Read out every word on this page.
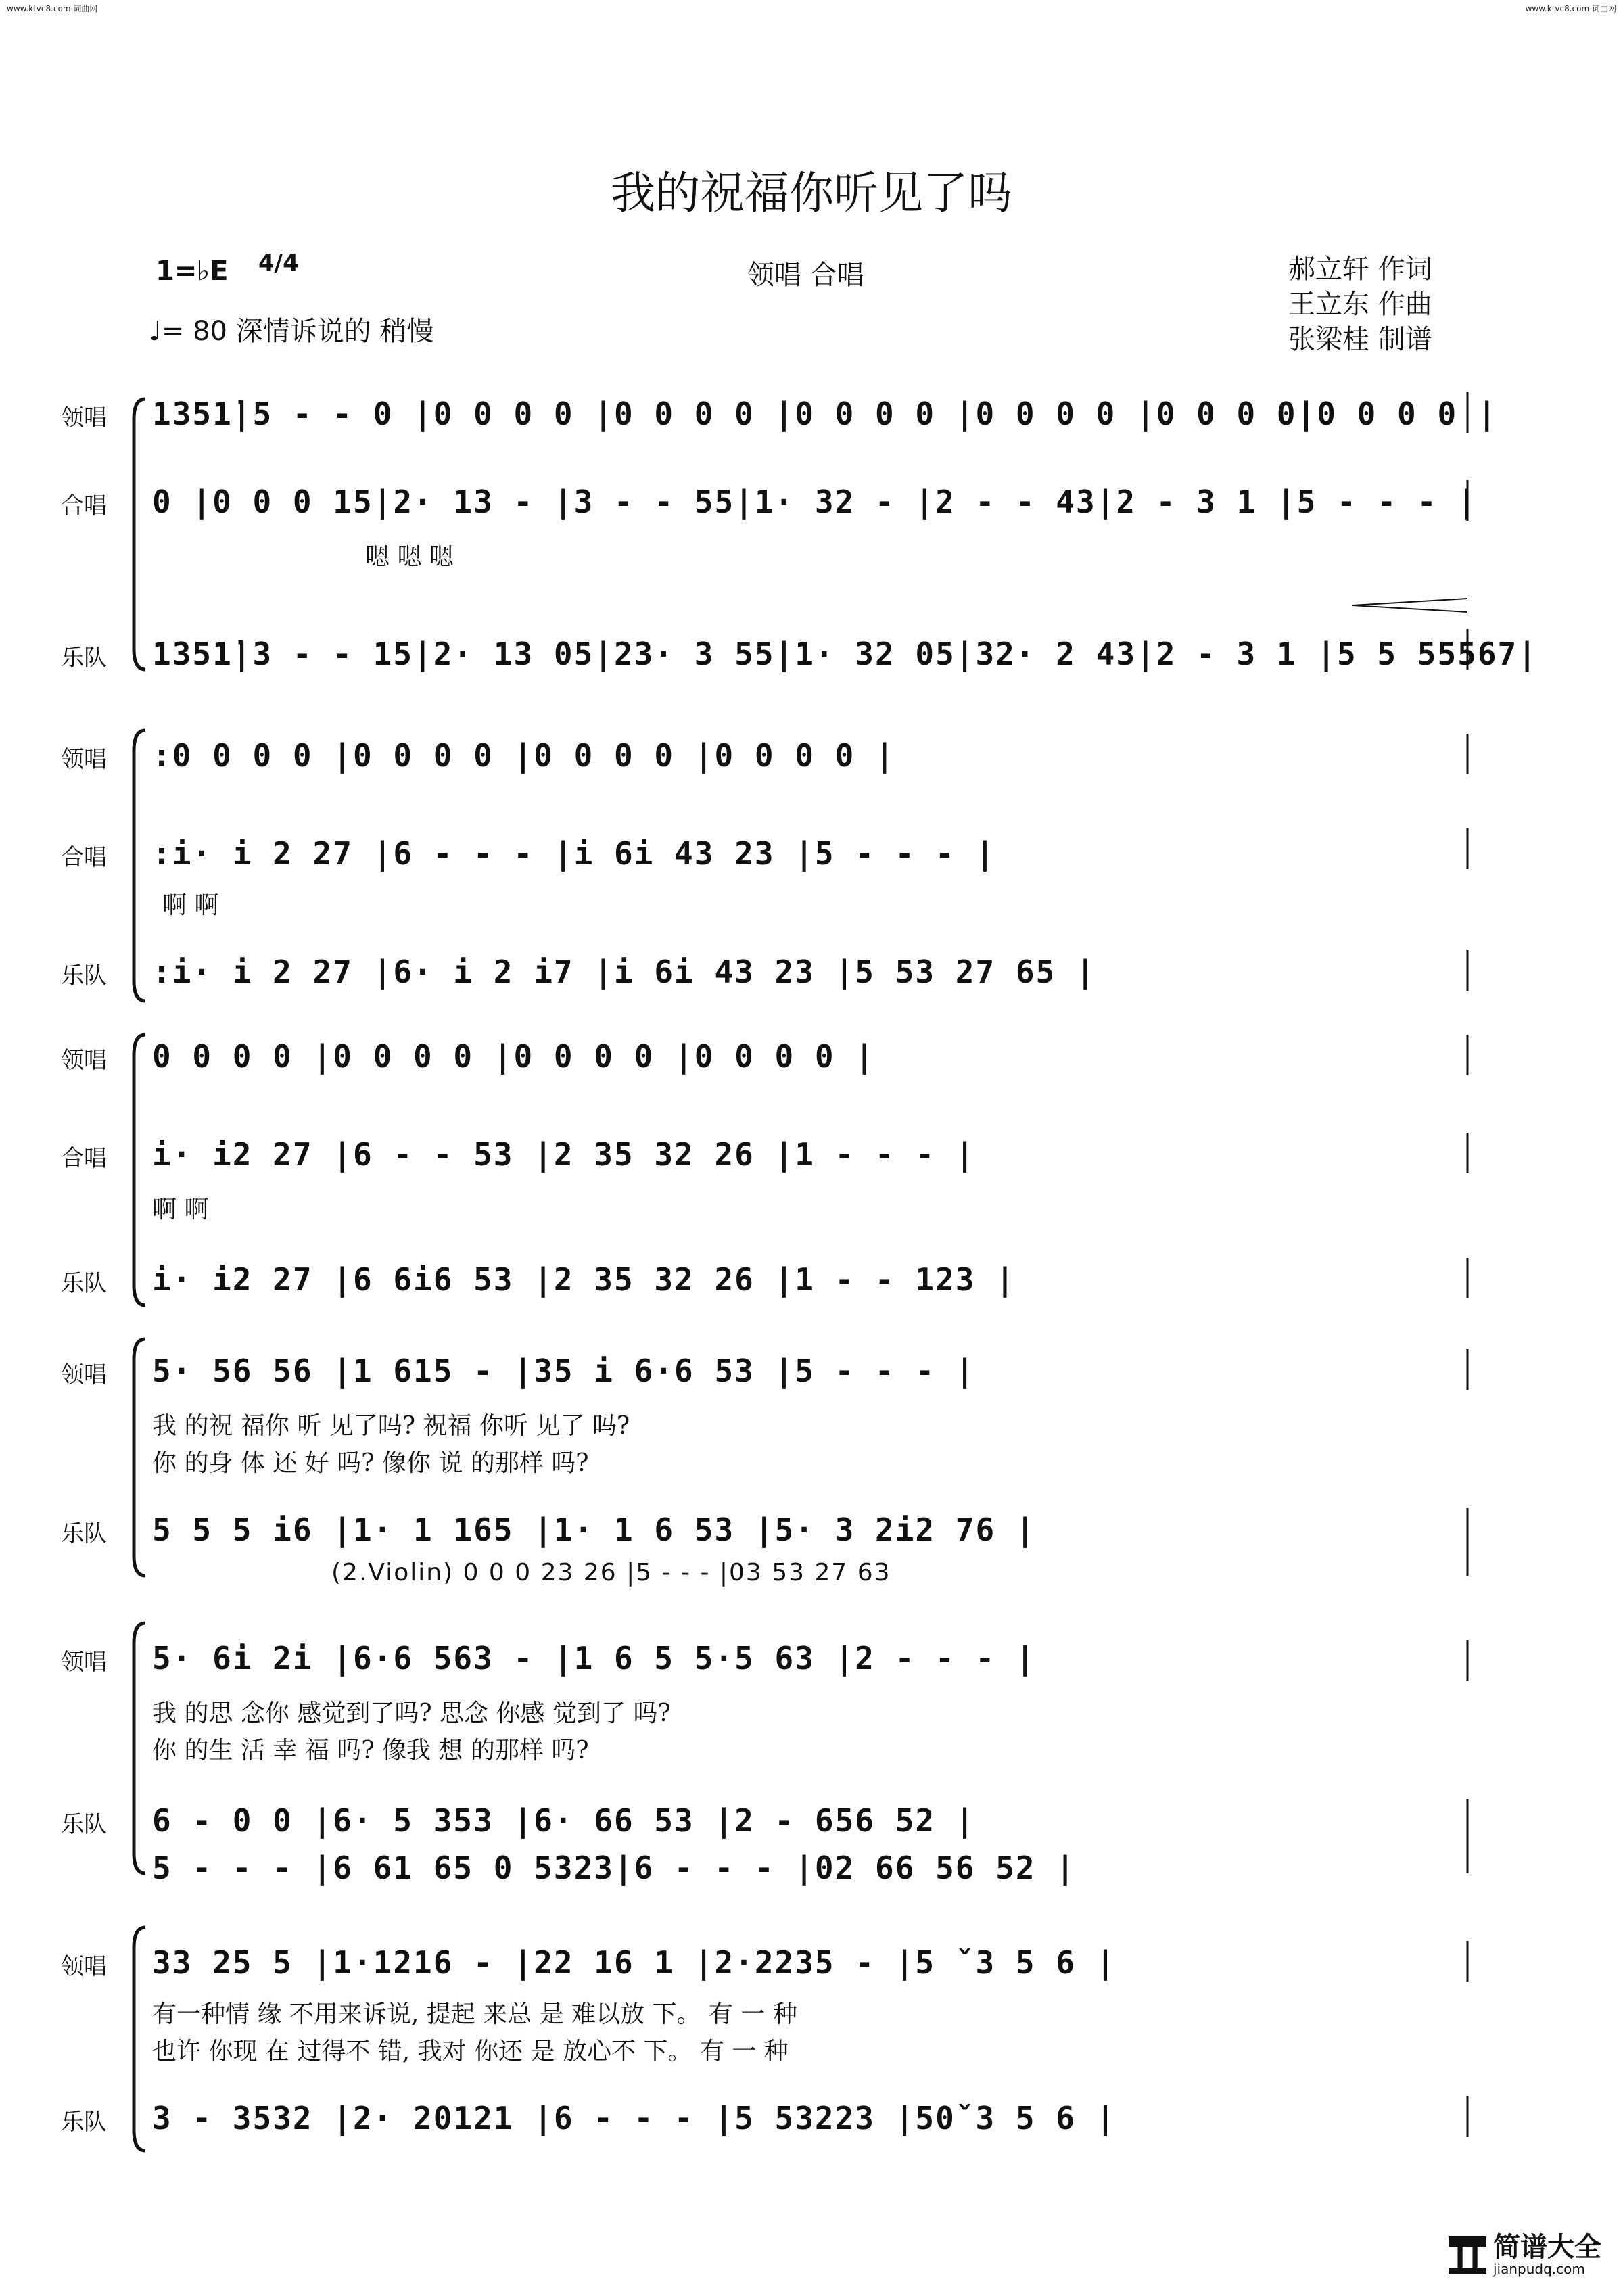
www.ktvc8.com 词曲网	www.ktvc8.com 词曲网
我的祝福你听见了吗
1=♭E 4/4
♩= 80 深情诉说的 稍慢
领唱 合唱	郝立轩 作词
王立东 作曲
张梁桂 制谱
领唱 1351̇|5 - - 0 |0 0 0 0 |0 0 0 0 |0 0 0 0 |0 0 0 0 |0 0 0 0|0 0 0 0 |
合唱 0 |0 0 0 15|2· 13 - |3 - - 55|1· 32 - |2 - - 43|2 - 3 1 |5 - - - |
嗯 嗯 嗯
乐队 1351̇|3 - - 15|2· 13 05|23· 3 55|1· 32 05|32· 2 43|2 - 3 1 |5 5 55567|
领唱 :0 0 0 0 |0 0 0 0 |0 0 0 0 |0 0 0 0 |
合唱 :i· i 2 27 |6 - - - |i 6i 43 23 |5 - - - |
啊 啊
乐队 :i· i 2 27 |6· i 2 i7 |i 6i 43 23 |5 53 27 65 |
领唱 0 0 0 0 |0 0 0 0 |0 0 0 0 |0 0 0 0 |
合唱 i· i2 27 |6 - - 53 |2 35 32 26 |1 - - - |
啊 啊
乐队 i· i2 27 |6 6i6 53 |2 35 32 26 |1 - - 123 |
领唱 5· 56 56 |1 615 - |35 i 6·6 53 |5 - - - |
我 的祝 福你 听 见了吗? 祝福 你听 见了 吗?
你 的身 体 还 好 吗? 像你 说 的那样 吗?
乐队 5 5 5 i6 |1· 1 165 |1· 1 6 53 |5· 3 2i2 76 |
(2.Violin) 0 0 0 23 26 |5 - - - |03 53 27 63
领唱 5· 6i 2i |6·6 563 - |1 6 5 5·5 63 |2 - - - |
我 的思 念你 感觉到了吗? 思念 你感 觉到了 吗?
你 的生 活 幸 福 吗? 像我 想 的那样 吗?
乐队 6 - 0 0 |6· 5 353 |6· 66 53 |2 - 656 52 |
5 - - - |6 61 65 0 5323|6 - - - |02 66 56 52 |
领唱 33 25 5 |1·1216 - |22 16 1 |2·2235 - |5 ˇ3 5 6 |
有一种情 缘 不用来诉说, 提起 来总 是 难以放 下。 有 一 种
也许 你现 在 过得不 错, 我对 你还 是 放心不 下。 有 一 种
乐队 3 - 3532 |2· 20121 |6 - - - |5 53223 |50ˇ3 5 6 |
▮▮▮ 简谱大全
jianpudq.com
